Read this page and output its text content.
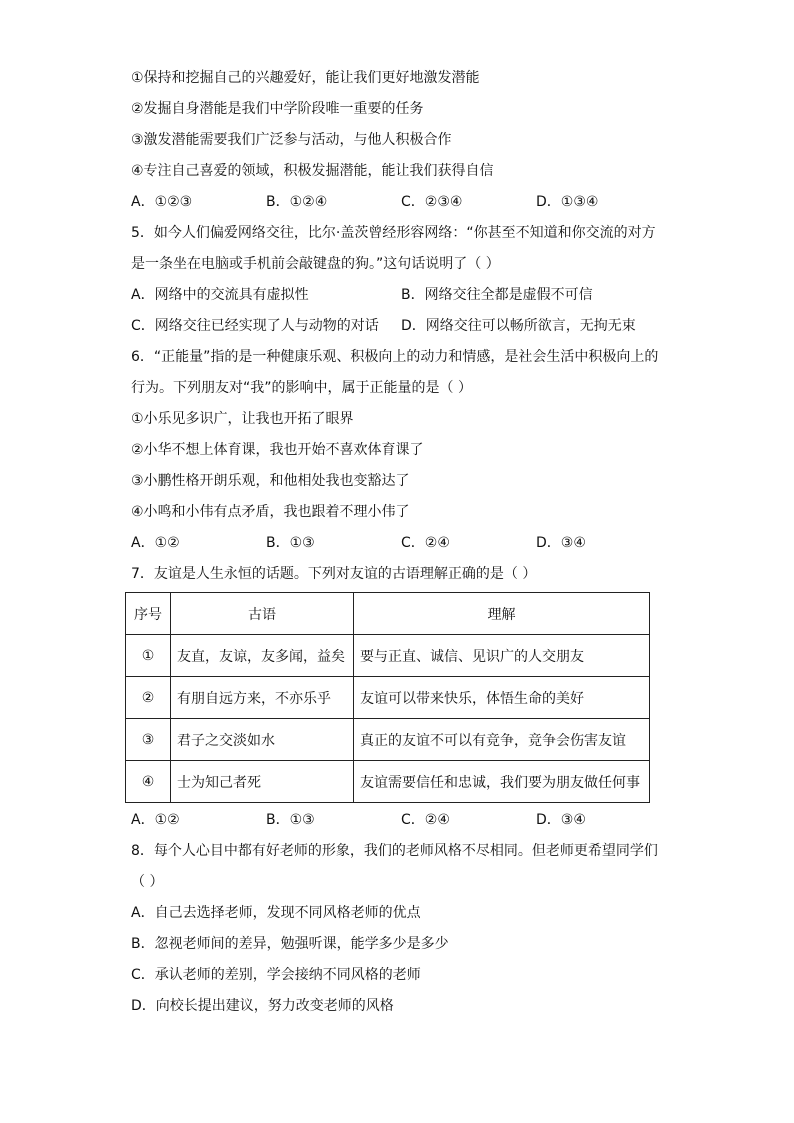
①保持和挖掘自己的兴趣爱好，能让我们更好地激发潜能
②发掘自身潜能是我们中学阶段唯一重要的任务
③激发潜能需要我们广泛参与活动，与他人积极合作
④专注自己喜爱的领域，积极发掘潜能，能让我们获得自信
A．①②③	B．①②④	C．②③④	D．①③④
5．如今人们偏爱网络交往，比尔·盖茨曾经形容网络：“你甚至不知道和你交流的对方
是一条坐在电脑或手机前会敲键盘的狗。”这句话说明了（ ）
A．网络中的交流具有虚拟性	B．网络交往全都是虚假不可信
C．网络交往已经实现了人与动物的对话	D．网络交往可以畅所欲言，无拘无束
6．“正能量”指的是一种健康乐观、积极向上的动力和情感，是社会生活中积极向上的
行为。下列朋友对“我”的影响中，属于正能量的是（ ）
①小乐见多识广，让我也开拓了眼界
②小华不想上体育课，我也开始不喜欢体育课了
③小鹏性格开朗乐观，和他相处我也变豁达了
④小鸣和小伟有点矛盾，我也跟着不理小伟了
A．①②	B．①③	C．②④	D．③④
7．友谊是人生永恒的话题。下列对友谊的古语理解正确的是（ ）
序号	古语	理解
①	友直，友谅，友多闻，益矣	要与正直、诚信、见识广的人交朋友
②	有朋自远方来，不亦乐乎	友谊可以带来快乐，体悟生命的美好
③	君子之交淡如水	真正的友谊不可以有竞争，竞争会伤害友谊
④	士为知己者死	友谊需要信任和忠诚，我们要为朋友做任何事
A．①②	B．①③	C．②④	D．③④
8．每个人心目中都有好老师的形象，我们的老师风格不尽相同。但老师更希望同学们
（ ）
A．自己去选择老师，发现不同风格老师的优点
B．忽视老师间的差异，勉强听课，能学多少是多少
C．承认老师的差别，学会接纳不同风格的老师
D．向校长提出建议，努力改变老师的风格
